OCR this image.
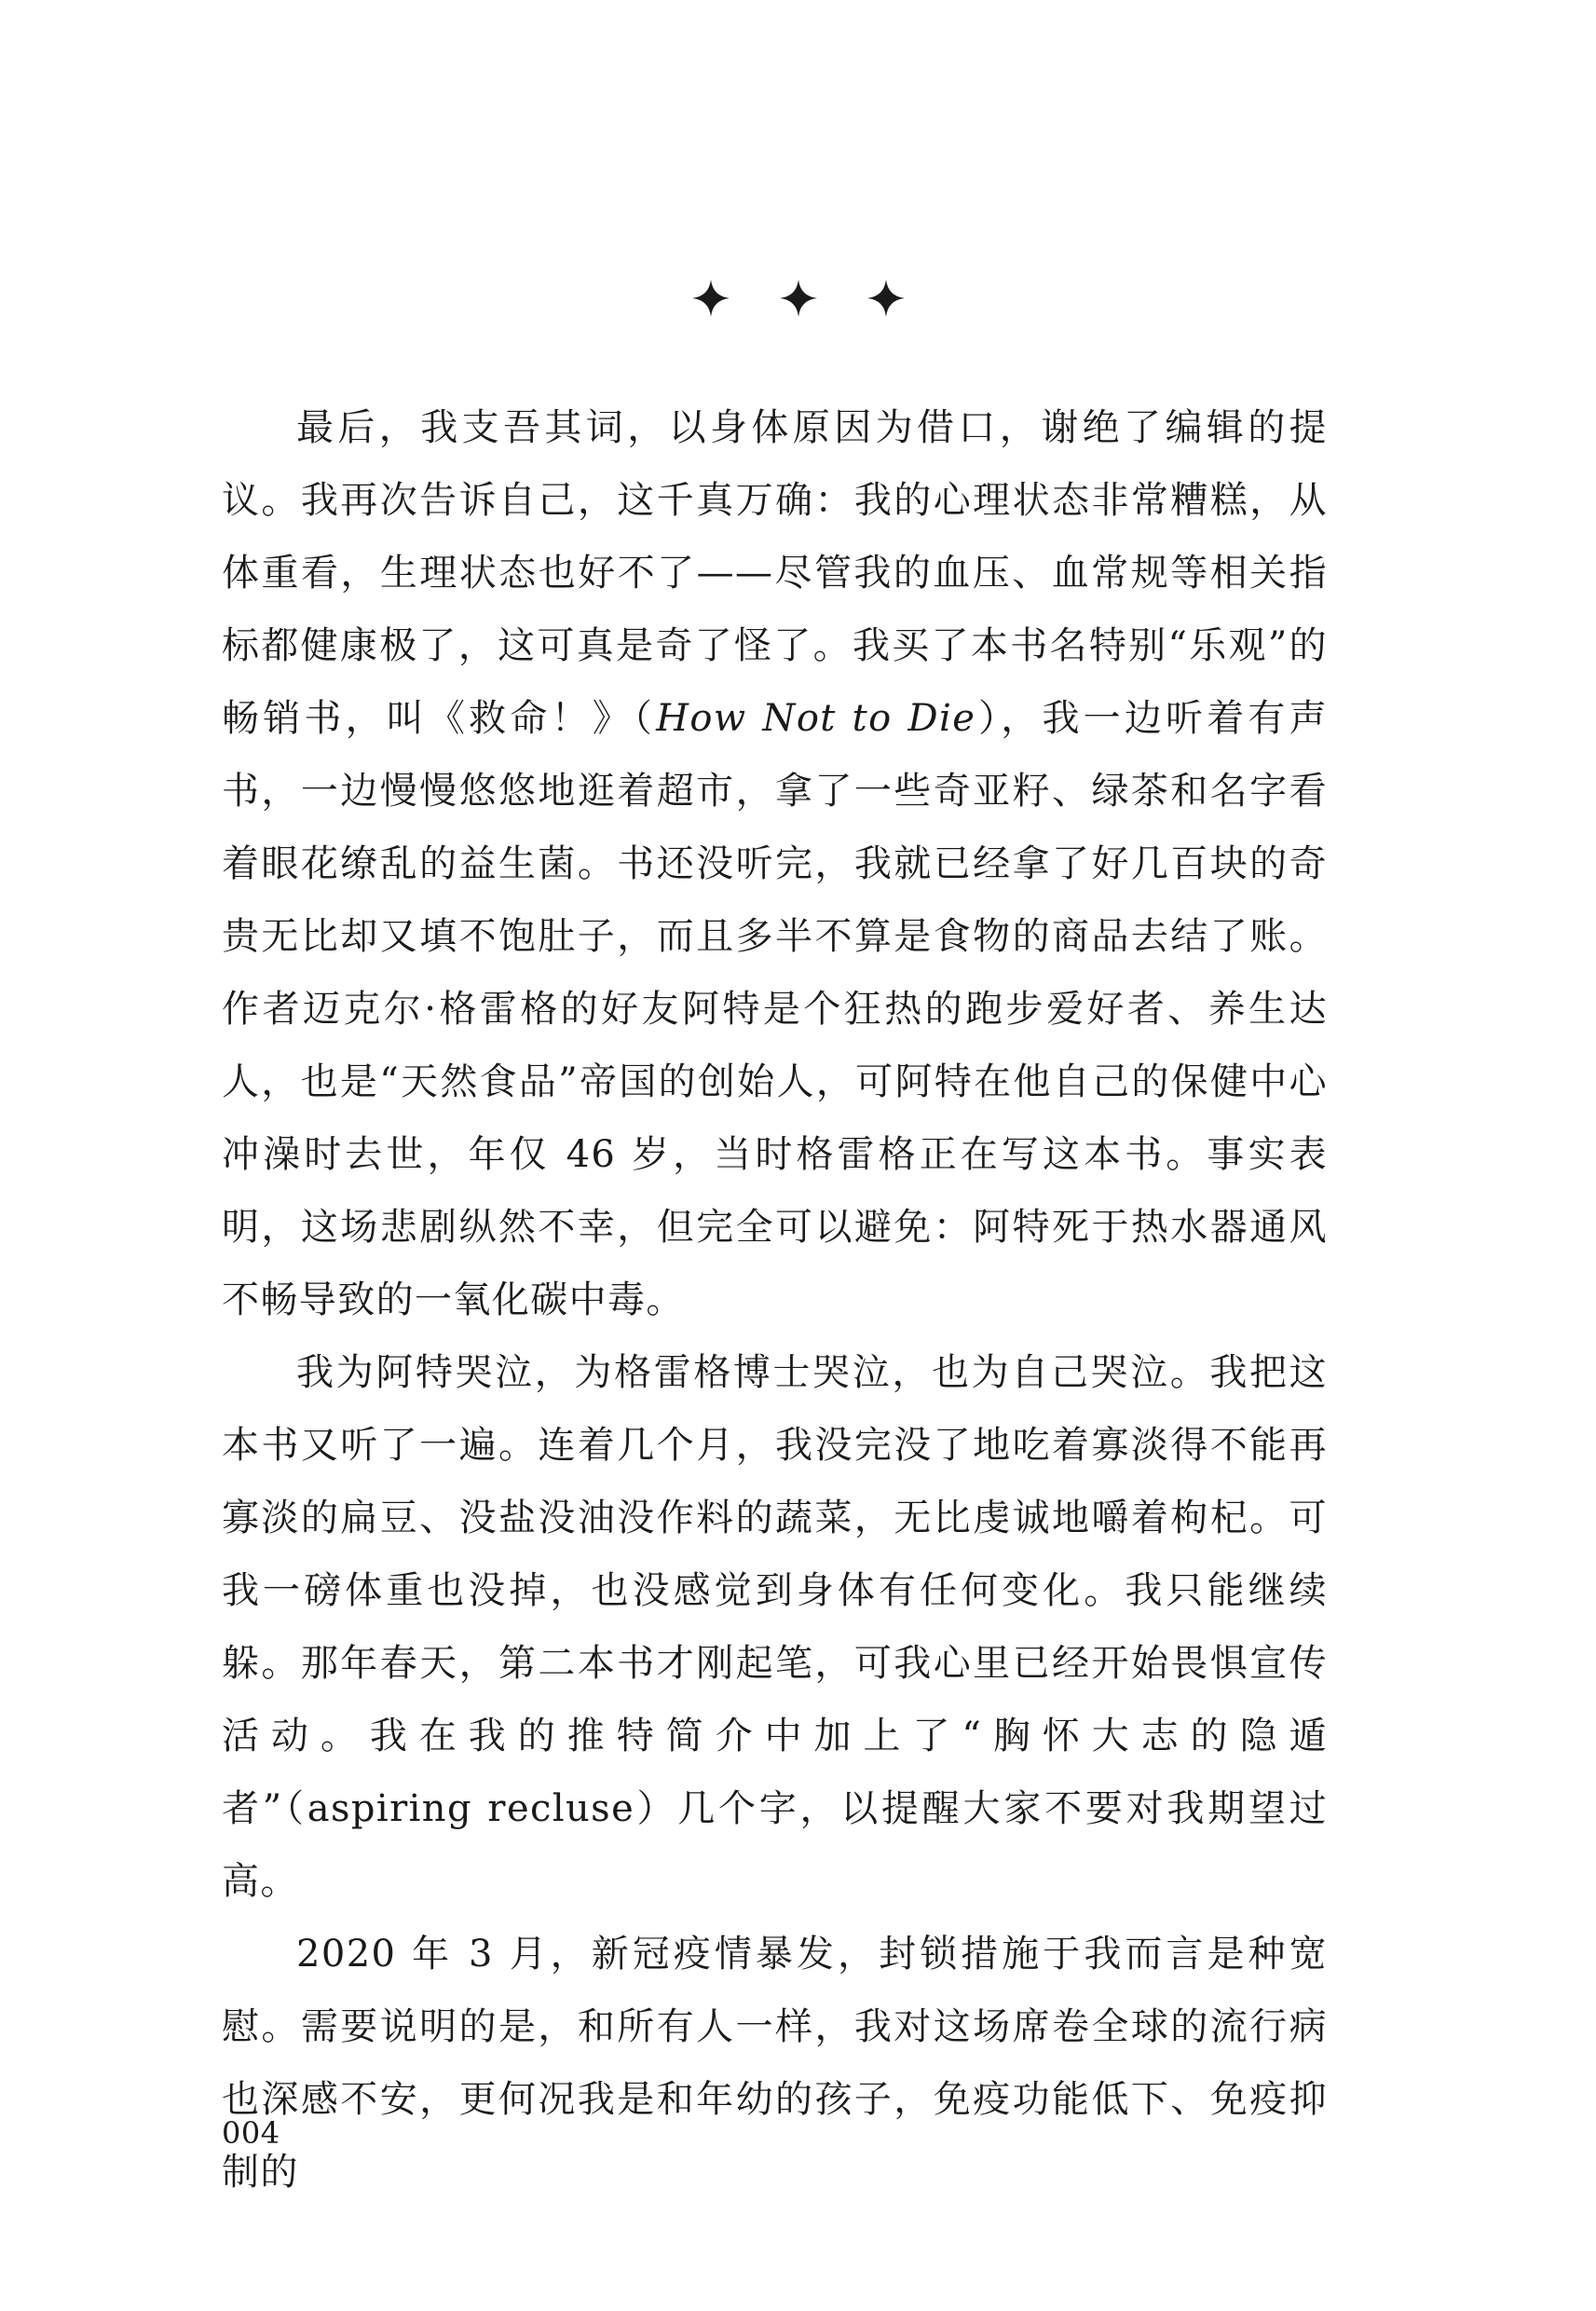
最后，我支吾其词，以身体原因为借口，谢绝了编辑的提议。我再次告诉自己，这千真万确：我的心理状态非常糟糕，从体重看，生理状态也好不了——尽管我的血压、血常规等相关指标都健康极了，这可真是奇了怪了。我买了本书名特别“乐观”的畅销书，叫《救命！》（How Not to Die），我一边听着有声书，一边慢慢悠悠地逛着超市，拿了一些奇亚籽、绿茶和名字看着眼花缭乱的益生菌。书还没听完，我就已经拿了好几百块的奇贵无比却又填不饱肚子，而且多半不算是食物的商品去结了账。作者迈克尔·格雷格的好友阿特是个狂热的跑步爱好者、养生达人，也是“天然食品”帝国的创始人，可阿特在他自己的保健中心冲澡时去世，年仅 46 岁，当时格雷格正在写这本书。事实表明，这场悲剧纵然不幸，但完全可以避免：阿特死于热水器通风不畅导致的一氧化碳中毒。

我为阿特哭泣，为格雷格博士哭泣，也为自己哭泣。我把这本书又听了一遍。连着几个月，我没完没了地吃着寡淡得不能再寡淡的扁豆、没盐没油没作料的蔬菜，无比虔诚地嚼着枸杞。可我一磅体重也没掉，也没感觉到身体有任何变化。我只能继续躲。那年春天，第二本书才刚起笔，可我心里已经开始畏惧宣传活动。我在我的推特简介中加上了“胸怀大志的隐遁者”（aspiring recluse）几个字，以提醒大家不要对我期望过高。

2020 年 3 月，新冠疫情暴发，封锁措施于我而言是种宽慰。需要说明的是，和所有人一样，我对这场席卷全球的流行病也深感不安，更何况我是和年幼的孩子，免疫功能低下、免疫抑制的

004
